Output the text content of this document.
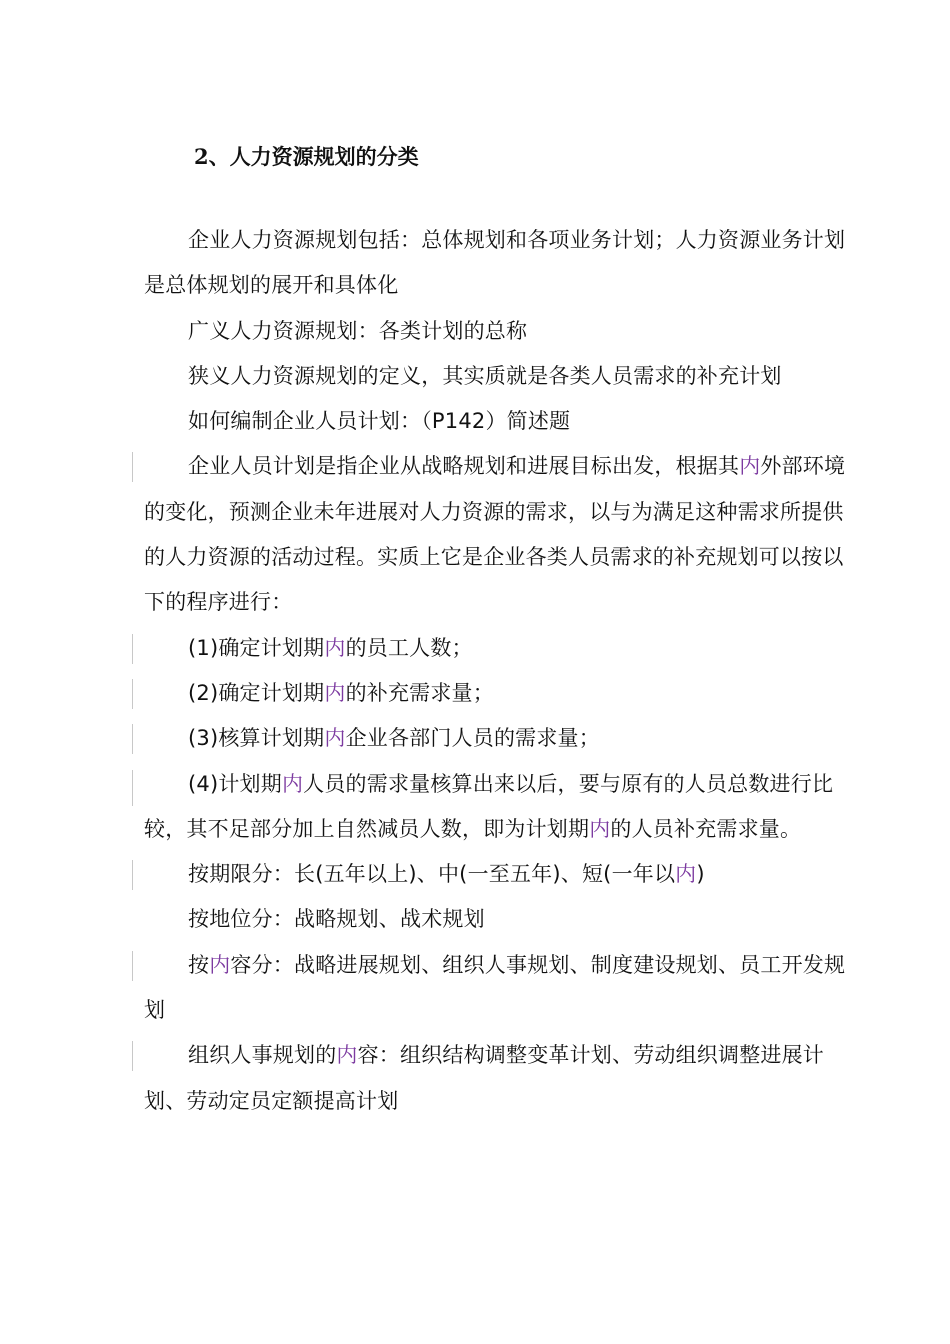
2、人力资源规划的分类

企业人力资源规划包括：总体规划和各项业务计划；人力资源业务计划是总体规划的展开和具体化

广义人力资源规划：各类计划的总称

狭义人力资源规划的定义，其实质就是各类人员需求的补充计划

如何编制企业人员计划：（P142）简述题

企业人员计划是指企业从战略规划和进展目标出发，根据其内外部环境的变化，预测企业未年进展对人力资源的需求，以与为满足这种需求所提供的人力资源的活动过程。实质上它是企业各类人员需求的补充规划可以按以下的程序进行：

(1)确定计划期内的员工人数；

(2)确定计划期内的补充需求量；

(3)核算计划期内企业各部门人员的需求量；

(4)计划期内人员的需求量核算出来以后，要与原有的人员总数进行比较，其不足部分加上自然减员人数，即为计划期内的人员补充需求量。

按期限分：长(五年以上)、中(一至五年)、短(一年以内)

按地位分：战略规划、战术规划

按内容分：战略进展规划、组织人事规划、制度建设规划、员工开发规划

组织人事规划的内容：组织结构调整变革计划、劳动组织调整进展计划、劳动定员定额提高计划
